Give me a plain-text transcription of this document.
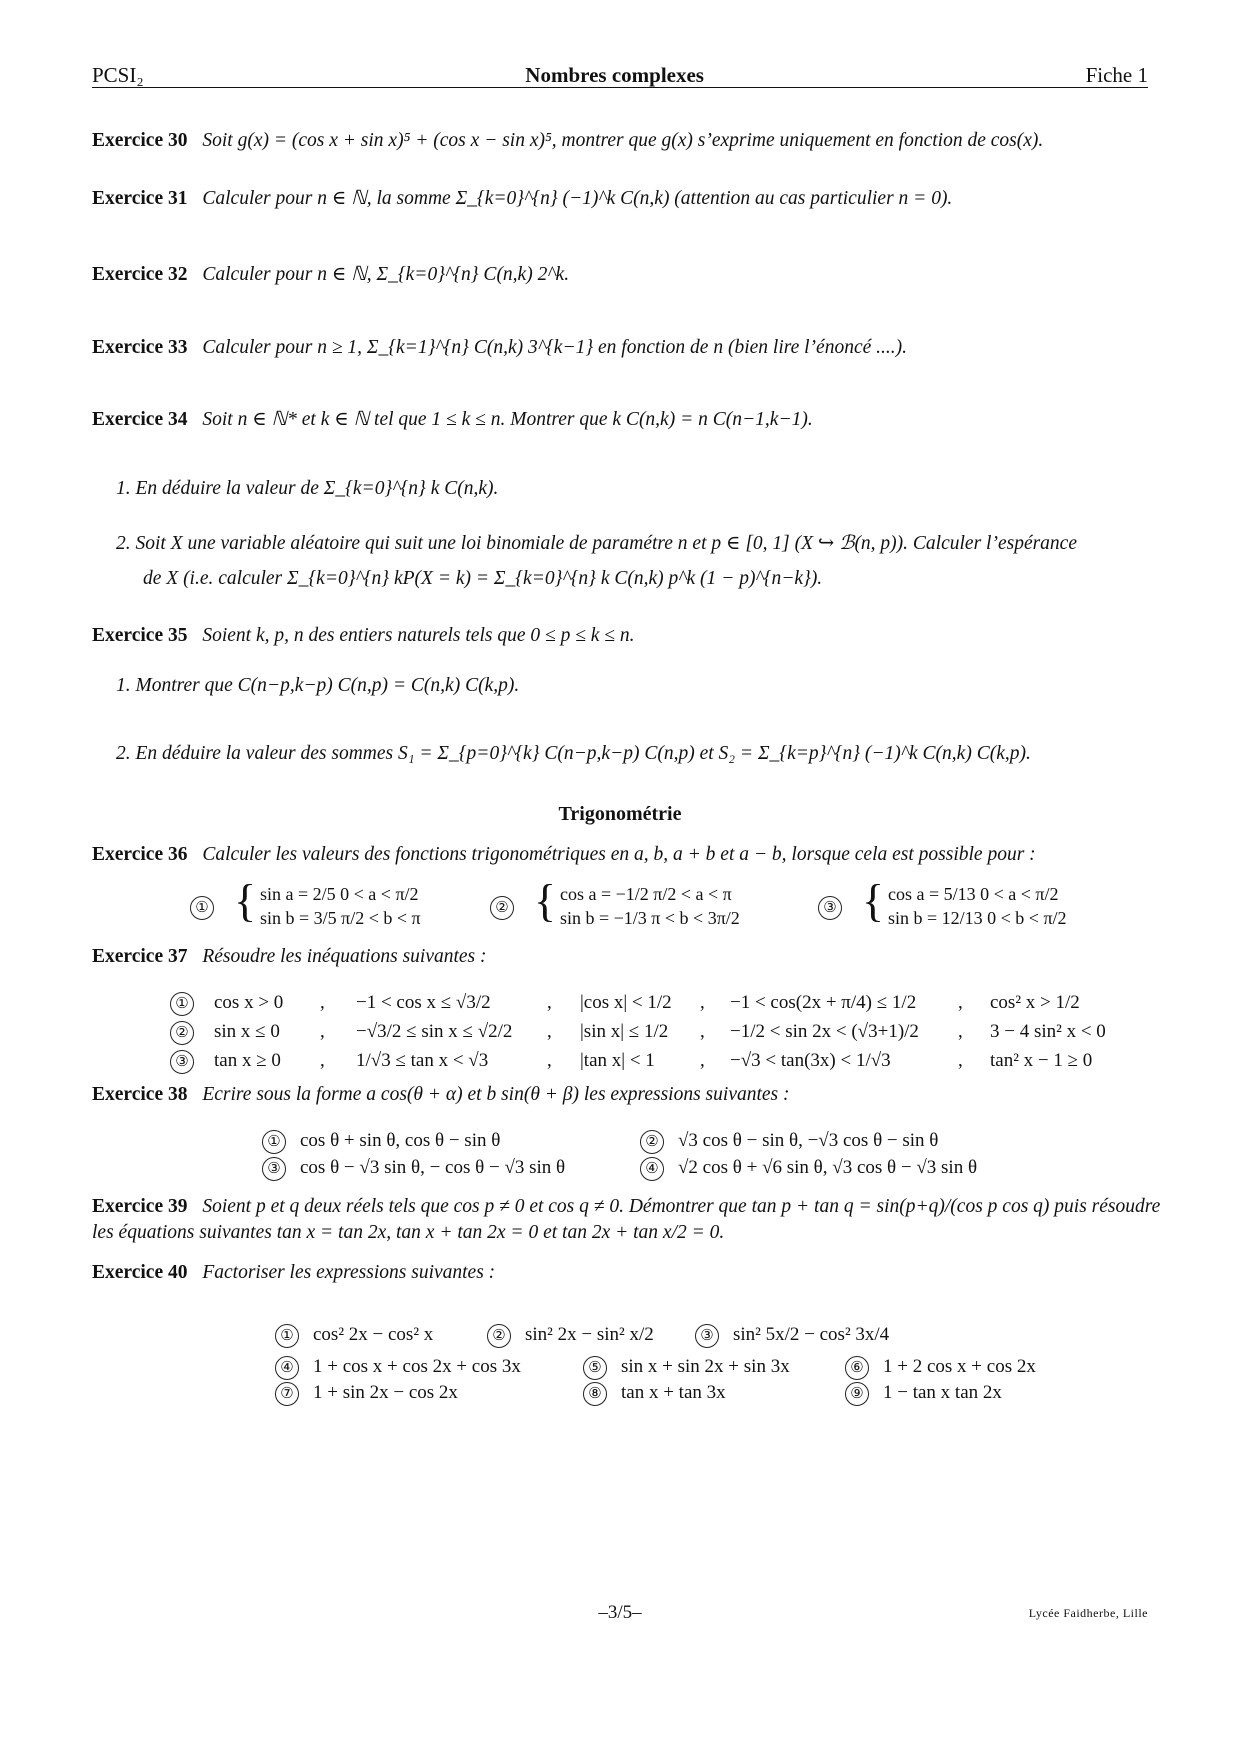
PCSI₂	Nombres complexes	Fiche 1
Exercice 30 Soit g(x) = (cos x + sin x)⁵ + (cos x − sin x)⁵, montrer que g(x) s’exprime uniquement en fonction de cos(x).
Exercice 31 Calculer pour n ∈ ℕ, la somme Σ_{k=0}^{n} (−1)^k C(n,k) (attention au cas particulier n = 0).
Exercice 32 Calculer pour n ∈ ℕ, Σ_{k=0}^{n} C(n,k) 2^k.
Exercice 33 Calculer pour n ≥ 1, Σ_{k=1}^{n} C(n,k) 3^{k−1} en fonction de n (bien lire l’énoncé ....).
Exercice 34 Soit n ∈ ℕ* et k ∈ ℕ tel que 1 ≤ k ≤ n. Montrer que k C(n,k) = n C(n−1,k−1).
1. En déduire la valeur de Σ_{k=0}^{n} k C(n,k).
2. Soit X une variable aléatoire qui suit une loi binomiale de paramétre n et p ∈ [0, 1] (X ↪ ℬ(n, p)). Calculer l’espérance
de X (i.e. calculer Σ_{k=0}^{n} kP(X = k) = Σ_{k=0}^{n} k C(n,k) p^k (1 − p)^{n−k}).
Exercice 35 Soient k, p, n des entiers naturels tels que 0 ≤ p ≤ k ≤ n.
1. Montrer que C(n−p,k−p) C(n,p) = C(n,k) C(k,p).
2. En déduire la valeur des sommes S₁ = Σ_{p=0}^{k} C(n−p,k−p) C(n,p) et S₂ = Σ_{k=p}^{n} (−1)^k C(n,k) C(k,p).
Trigonométrie
Exercice 36 Calculer les valeurs des fonctions trigonométriques en a, b, a + b et a − b, lorsque cela est possible pour :
① { sin a = 2/5 0 < a < π/2
sin b = 3/5 π/2 < b < π	② { cos a = −1/2 π/2 < a < π
sin b = −1/3 π < b < 3π/2	③ { cos a = 5/13 0 < a < π/2
sin b = 12/13 0 < b < π/2
Exercice 37 Résoudre les inéquations suivantes :
①	cos x > 0 , −1 < cos x ≤ √3/2	, |cos x| < 1/2 , −1 < cos(2x + π/4) ≤ 1/2 , cos² x > 1/2
②	sin x ≤ 0 , −√3/2 ≤ sin x ≤ √2/2 , |sin x| ≤ 1/2 , −1/2 < sin 2x < (√3+1)/2 , 3 − 4 sin² x < 0
③	tan x ≥ 0 , 1/√3 ≤ tan x < √3	, |tan x| < 1 , −√3 < tan(3x) < 1/√3	, tan² x − 1 ≥ 0
Exercice 38 Ecrire sous la forme a cos(θ + α) et b sin(θ + β) les expressions suivantes :
① cos θ + sin θ, cos θ − sin θ	② √3 cos θ − sin θ, −√3 cos θ − sin θ
③ cos θ − √3 sin θ, − cos θ − √3 sin θ	④ √2 cos θ + √6 sin θ, √3 cos θ − √3 sin θ
Exercice 39 Soient p et q deux réels tels que cos p ≠ 0 et cos q ≠ 0. Démontrer que tan p + tan q = sin(p+q)/(cos p cos q) puis résoudre
les équations suivantes tan x = tan 2x, tan x + tan 2x = 0 et tan 2x + tan x/2 = 0.
Exercice 40 Factoriser les expressions suivantes :
① cos² 2x − cos² x	② sin² 2x − sin² x/2	③ sin² 5x/2 − cos² 3x/4
④ 1 + cos x + cos 2x + cos 3x	⑤ sin x + sin 2x + sin 3x	⑥ 1 + 2 cos x + cos 2x
⑦ 1 + sin 2x − cos 2x	⑧ tan x + tan 3x	⑨ 1 − tan x tan 2x
–3/5–	Lycée Faidherbe, Lille
